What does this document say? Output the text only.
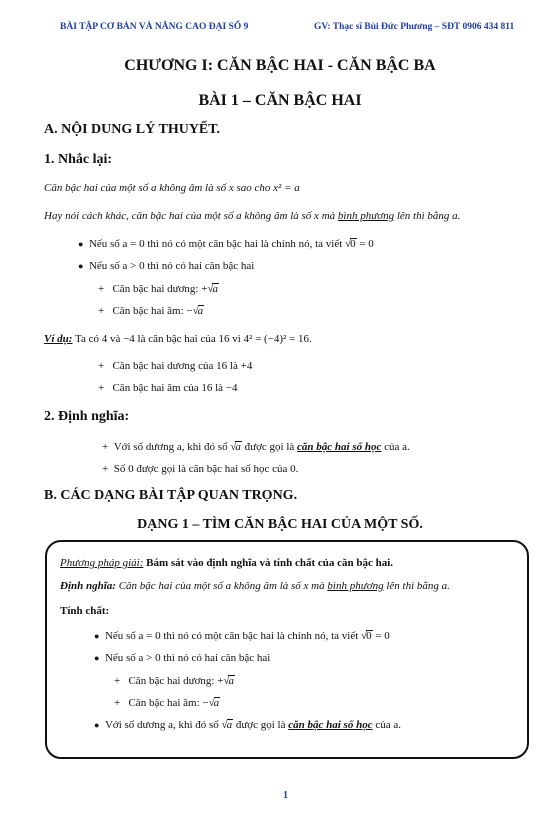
BÀI TẬP CƠ BẢN VÀ NÂNG CAO ĐẠI SỐ 9	GV: Thạc sĩ Bùi Đức Phương – SĐT 0906 434 811
CHƯƠNG I: CĂN BẬC HAI - CĂN BẬC BA
BÀI 1 – CĂN BẬC HAI
A. NỘI DUNG LÝ THUYẾT.
1. Nhắc lại:
Căn bậc hai của một số a không âm là số x sao cho x² = a
Hay nói cách khác, căn bậc hai của một số a không âm là số x mà bình phương lên thì bằng a.
● Nếu số a = 0 thì nó có một căn bậc hai là chính nó, ta viết √0 = 0
● Nếu số a > 0 thì nó có hai căn bậc hai
+ Căn bậc hai dương: +√a
+ Căn bậc hai âm: −√a
Ví dụ: Ta có 4 và −4 là căn bậc hai của 16 vì 4² = (−4)² = 16.
+ Căn bậc hai dương của 16 là +4
+ Căn bậc hai âm của 16 là −4
2. Định nghĩa:
+ Với số dương a, khi đó số √a được gọi là căn bậc hai số học của a.
+ Số 0 được gọi là căn bậc hai số học của 0.
B. CÁC DẠNG BÀI TẬP QUAN TRỌNG.
DẠNG 1 – TÌM CĂN BẬC HAI CỦA MỘT SỐ.
Phương pháp giải: Bám sát vào định nghĩa và tính chất của căn bậc hai.
Định nghĩa: Căn bậc hai của một số a không âm là số x mà bình phương lên thì bằng a.
Tính chất:
● Nếu số a = 0 thì nó có một căn bậc hai là chính nó, ta viết √0 = 0
● Nếu số a > 0 thì nó có hai căn bậc hai
+ Căn bậc hai dương: +√a
+ Căn bậc hai âm: −√a
● Với số dương a, khi đó số √a được gọi là căn bậc hai số học của a.
1
